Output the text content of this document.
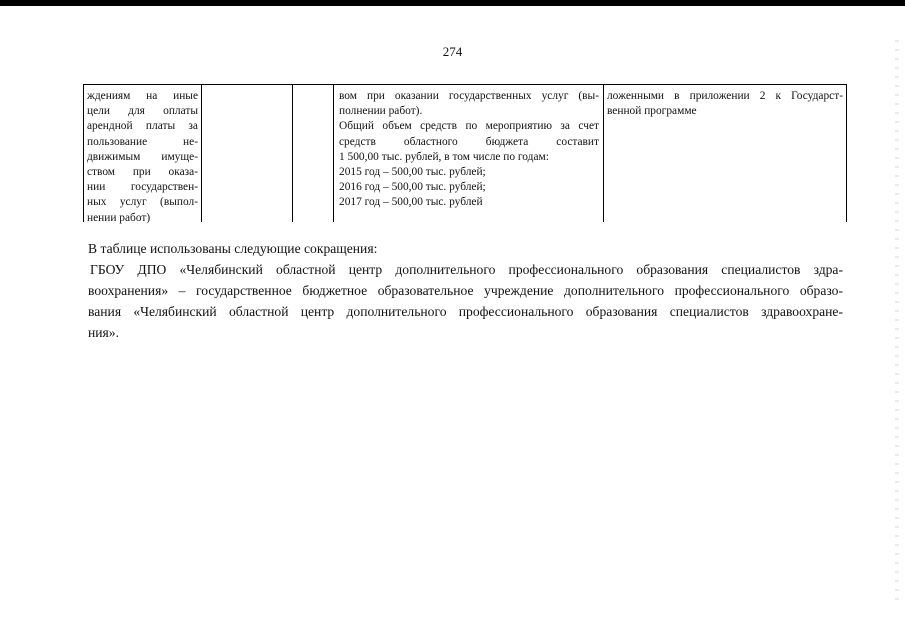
274
ждениям на иные
цели для оплаты
арендной платы за
пользование не-
движимым имуще-
ством при оказа-
нии государствен-
ных услуг (выпол-
нении работ)
вом при оказании государственных услуг (вы-
полнении работ).
Общий объем средств по мероприятию за счет
средств областного бюджета составит
1 500,00 тыс. рублей, в том числе по годам:
2015 год – 500,00 тыс. рублей;
2016 год – 500,00 тыс. рублей;
2017 год – 500,00 тыс. рублей
ложенными в приложении 2 к Государст-
венной программе
В таблице использованы следующие сокращения:
ГБОУ ДПО «Челябинский областной центр дополнительного профессионального образования специалистов здра-
воохранения» – государственное бюджетное образовательное учреждение дополнительного профессионального образо-
вания «Челябинский областной центр дополнительного профессионального образования специалистов здравоохране-
ния».
